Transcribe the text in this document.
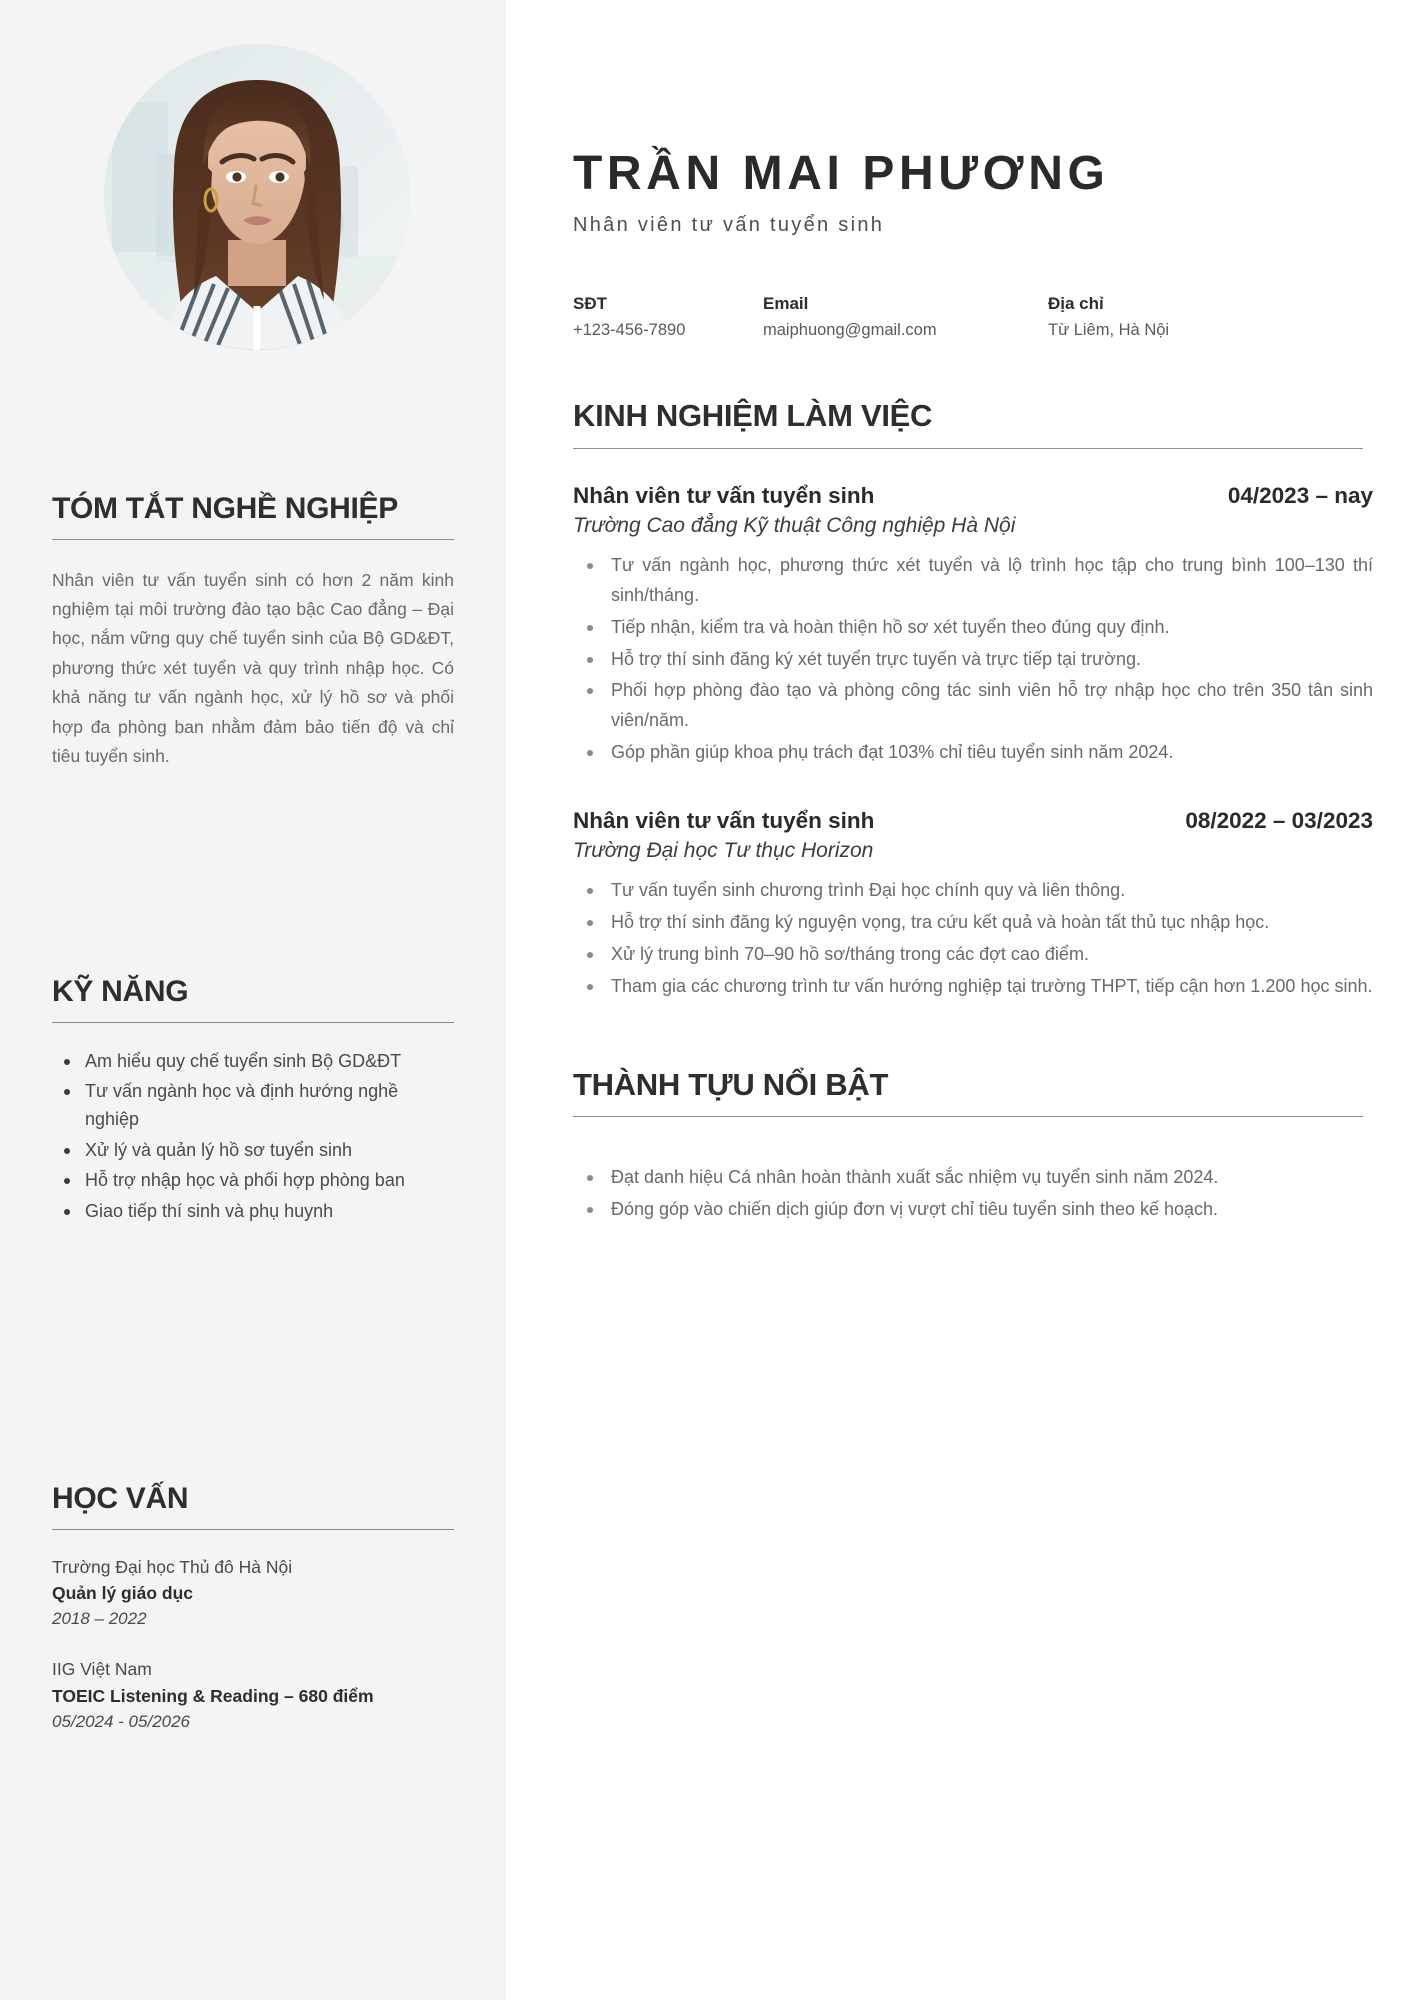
TÓM TẮT NGHỀ NGHIỆP

Nhân viên tư vấn tuyển sinh có hơn 2 năm kinh nghiệm tại môi trường đào tạo bậc Cao đẳng – Đại học, nắm vững quy chế tuyển sinh của Bộ GD&ĐT, phương thức xét tuyển và quy trình nhập học. Có khả năng tư vấn ngành học, xử lý hồ sơ và phối hợp đa phòng ban nhằm đảm bảo tiến độ và chỉ tiêu tuyển sinh.

KỸ NĂNG
Am hiểu quy chế tuyển sinh Bộ GD&ĐT
Tư vấn ngành học và định hướng nghề nghiệp
Xử lý và quản lý hồ sơ tuyển sinh
Hỗ trợ nhập học và phối hợp phòng ban
Giao tiếp thí sinh và phụ huynh
HỌC VẤN
Trường Đại học Thủ đô Hà Nội
Quản lý giáo dục
2018 – 2022
IIG Việt Nam
TOEIC Listening & Reading – 680 điểm
05/2024 - 05/2026
TRẦN MAI PHƯƠNG
Nhân viên tư vấn tuyển sinh
SĐT
+123-456-7890
Email
maiphuong@gmail.com
Địa chỉ
Từ Liêm, Hà Nội
KINH NGHIỆM LÀM VIỆC
Nhân viên tư vấn tuyển sinh	04/2023 – nay
Trường Cao đẳng Kỹ thuật Công nghiệp Hà Nội
Tư vấn ngành học, phương thức xét tuyển và lộ trình học tập cho trung bình 100–130 thí sinh/tháng.
Tiếp nhận, kiểm tra và hoàn thiện hồ sơ xét tuyển theo đúng quy định.
Hỗ trợ thí sinh đăng ký xét tuyển trực tuyến và trực tiếp tại trường.
Phối hợp phòng đào tạo và phòng công tác sinh viên hỗ trợ nhập học cho trên 350 tân sinh viên/năm.
Góp phần giúp khoa phụ trách đạt 103% chỉ tiêu tuyển sinh năm 2024.
Nhân viên tư vấn tuyển sinh	08/2022 – 03/2023
Trường Đại học Tư thục Horizon
Tư vấn tuyển sinh chương trình Đại học chính quy và liên thông.
Hỗ trợ thí sinh đăng ký nguyện vọng, tra cứu kết quả và hoàn tất thủ tục nhập học.
Xử lý trung bình 70–90 hồ sơ/tháng trong các đợt cao điểm.
Tham gia các chương trình tư vấn hướng nghiệp tại trường THPT, tiếp cận hơn 1.200 học sinh.
THÀNH TỰU NỔI BẬT
Đạt danh hiệu Cá nhân hoàn thành xuất sắc nhiệm vụ tuyển sinh năm 2024.
Đóng góp vào chiến dịch giúp đơn vị vượt chỉ tiêu tuyển sinh theo kế hoạch.
